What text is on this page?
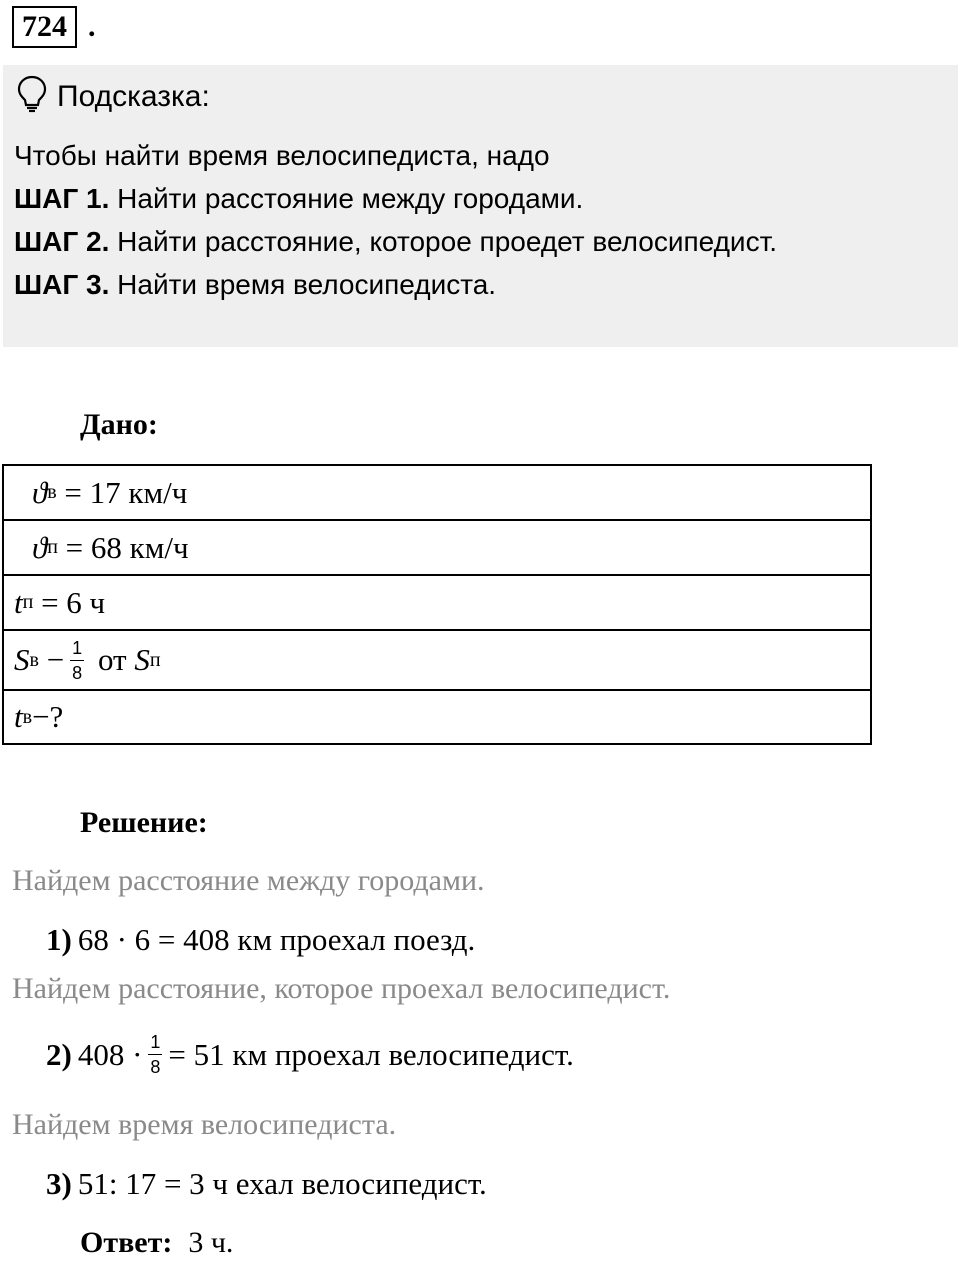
724 .
Подсказка:
Чтобы найти время велосипедиста, надо
ШАГ 1. Найти расстояние между городами.
ШАГ 2. Найти расстояние, которое проедет велосипедист.
ШАГ 3. Найти время велосипедиста.
Дано:
ϑ в
= 17 км/ч
ϑ п
= 68 км/ч
t п
= 6 ч
S в
− $\frac{1}{8}$
от
S п
t в −?
Решение:
Найдем расстояние между городами.
1) 68 · 6 = 408 км проехал поезд.
Найдем расстояние, которое проехал велосипедист.
2) $408 \cdot \frac{1}{8} = 51$ км проехал велосипедист.
Найдем время велосипедиста.
3) 51: 17 = 3 ч ехал велосипедист.
Ответ: 3 ч.
